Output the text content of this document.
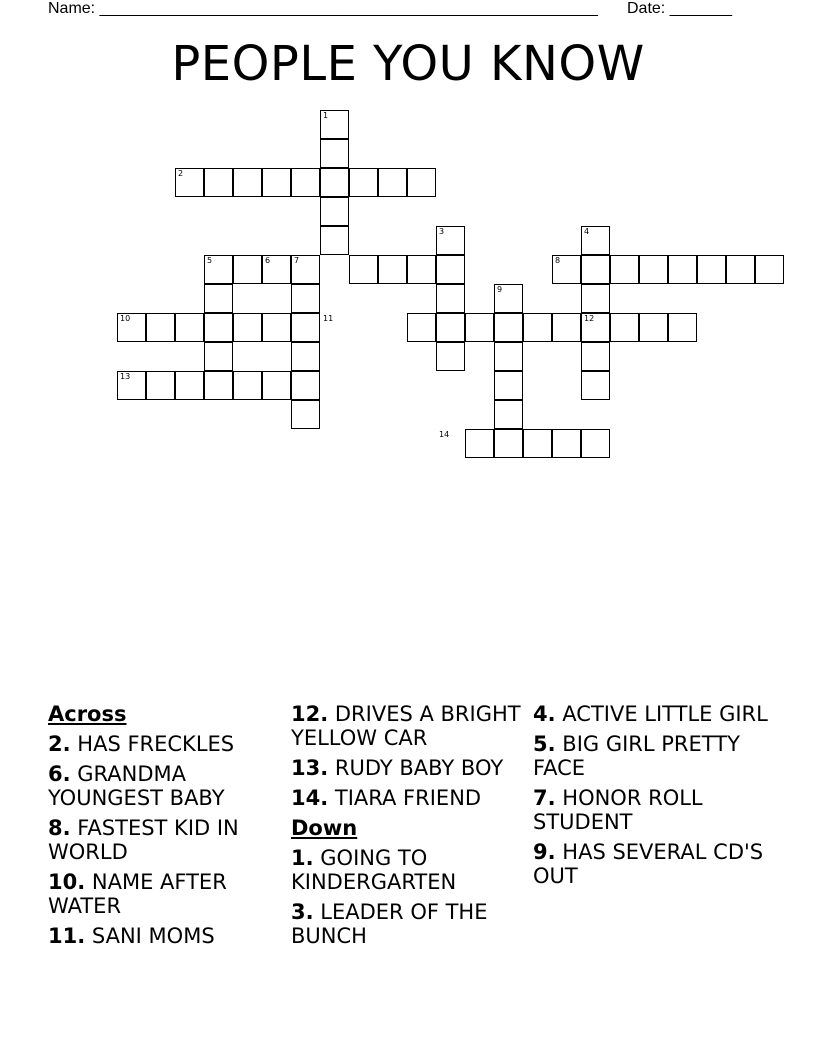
Name: ________________________________________________________ Date: _______
PEOPLE YOU KNOW
1
2
3	4
5	6	7	8
9
10	11	12
13
14
Across
2. HAS FRECKLES
6. GRANDMA YOUNGEST BABY
8. FASTEST KID IN WORLD
10. NAME AFTER WATER
11. SANI MOMS
12. DRIVES A BRIGHT YELLOW CAR
13. RUDY BABY BOY
14. TIARA FRIEND
Down
1. GOING TO KINDERGARTEN
3. LEADER OF THE BUNCH
4. ACTIVE LITTLE GIRL
5. BIG GIRL PRETTY FACE
7. HONOR ROLL STUDENT
9. HAS SEVERAL CD'S OUT
